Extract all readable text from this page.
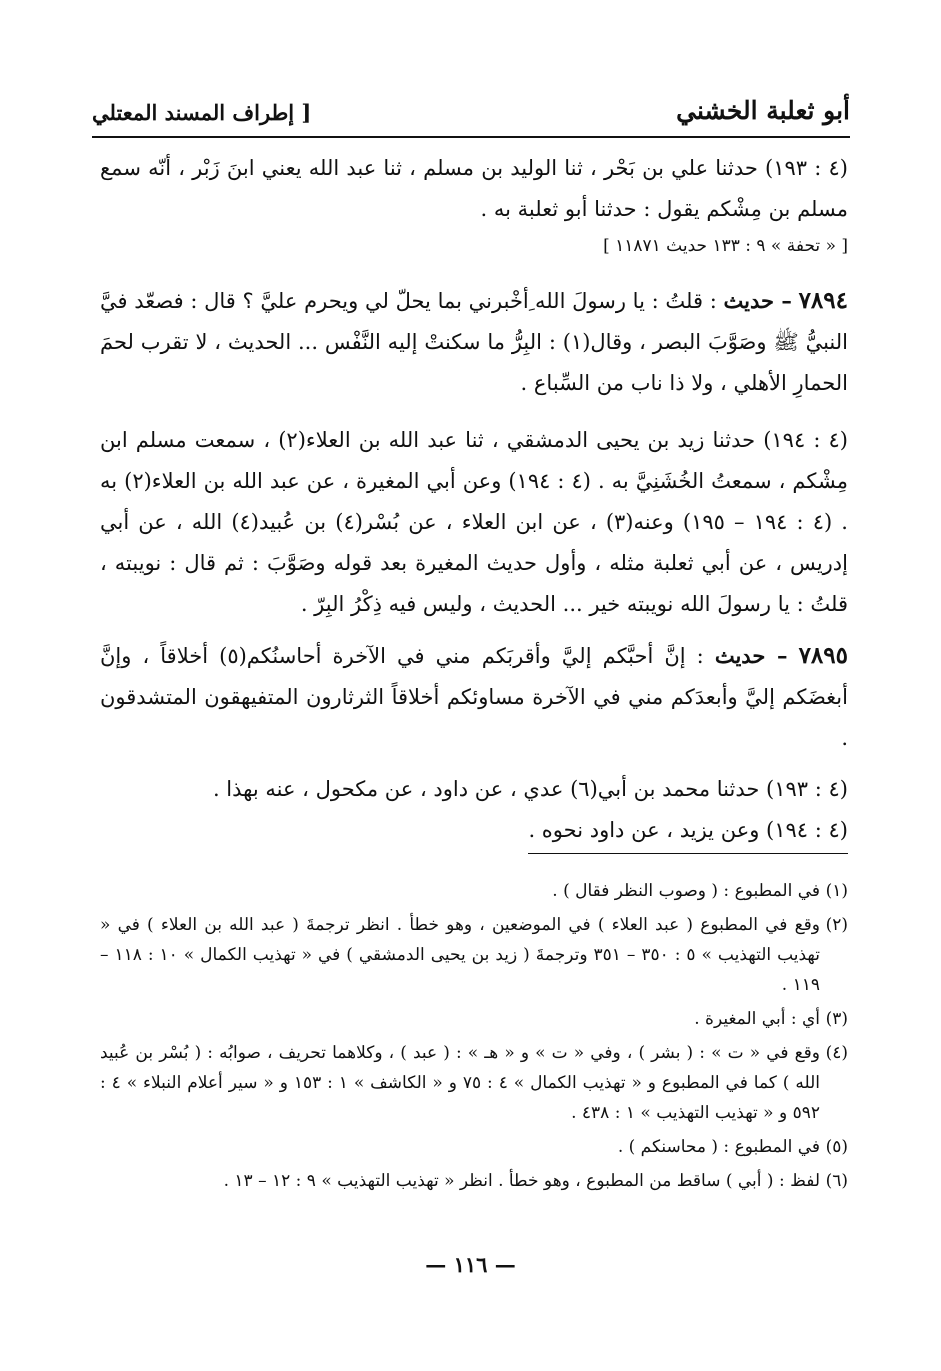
أبو ثعلبة الخشني
[ إطراف المسند المعتلي

(٤ : ١٩٣) حدثنا علي بن بَحْر ، ثنا الوليد بن مسلم ، ثنا عبد الله يعني ابنَ زَبْر ، أنّه سمع مسلم بن مِشْكم يقول : حدثنا أبو ثعلبة به .

[ « تحفة » ٩ : ١٣٣ حديث ١١٨٧١ ]

٧٨٩٤ – حديث : قلتُ : يا رسولَ الله ِأخْبرني بما يحلّ لي ويحرم عليَّ ؟ قال : فصعّد فيَّ النبيُّ ﷺ وصَوَّبَ البصر ، وقال(١) : البِرُّ ما سكنتْ إليه النَّفْس ... الحديث ، لا تقرب لحمَ الحمارِ الأهلي ، ولا ذا ناب من السِّباع .

(٤ : ١٩٤) حدثنا زيد بن يحيى الدمشقي ، ثنا عبد الله بن العلاء(٢) ، سمعت مسلم ابن مِشْكم ، سمعتُ الخُشَنِيَّ به . (٤ : ١٩٤) وعن أبي المغيرة ، عن عبد الله بن العلاء(٢) به . (٤ : ١٩٤ – ١٩٥) وعنه(٣) ، عن ابن العلاء ، عن بُسْر(٤) بن عُبيد(٤) الله ، عن أبي إدريس ، عن أبي ثعلبة مثله ، وأول حديث المغيرة بعد قوله وصَوَّبَ : ثم قال : نويبته ، قلتُ : يا رسولَ الله نويبته خير ... الحديث ، وليس فيه ذِكْرُ البِرّ .

٧٨٩٥ – حديث : إنَّ أحبَّكم إليَّ وأقربَكم مني في الآخرة أحاسنُكم(٥) أخلاقاً ، وإنَّ أبغضَكم إليَّ وأبعدَكم مني في الآخرة مساوئكم أخلاقاً الثرثارون المتفيهقون المتشدقون .

(٤ : ١٩٣) حدثنا محمد بن أبي(٦) عدي ، عن داود ، عن مكحول ، عنه بهذا .

(٤ : ١٩٤) وعن يزيد ، عن داود نحوه .

(١)
في المطبوع : ( وصوب النظر فقال ) .
(٢)
وقع في المطبوع ( عبد العلاء ) في الموضعين ، وهو خطأ . انظر ترجمةَ ( عبد الله بن العلاء ) في « تهذيب التهذيب » ٥ : ٣٥٠ – ٣٥١ وترجمةَ ( زيد بن يحيى الدمشقي ) في « تهذيب الكمال » ١٠ : ١١٨ – ١١٩ .
(٣)
أي : أبي المغيرة .
(٤)
وقع في « ت » : ( بشر ) ، وفي « ت » و « هـ » : ( عبد ) ، وكلاهما تحريف ، صوابُه : ( بُسْر بن عُبيد الله ) كما في المطبوع و « تهذيب الكمال » ٤ : ٧٥ و « الكاشف » ١ : ١٥٣ و « سير أعلام النبلاء » ٤ : ٥٩٢ و « تهذيب التهذيب » ١ : ٤٣٨ .
(٥)
في المطبوع : ( محاسنكم ) .
(٦)
لفظ : ( أبي ) ساقط من المطبوع ، وهو خطأ . انظر « تهذيب التهذيب » ٩ : ١٢ – ١٣ .
— ١١٦ —
